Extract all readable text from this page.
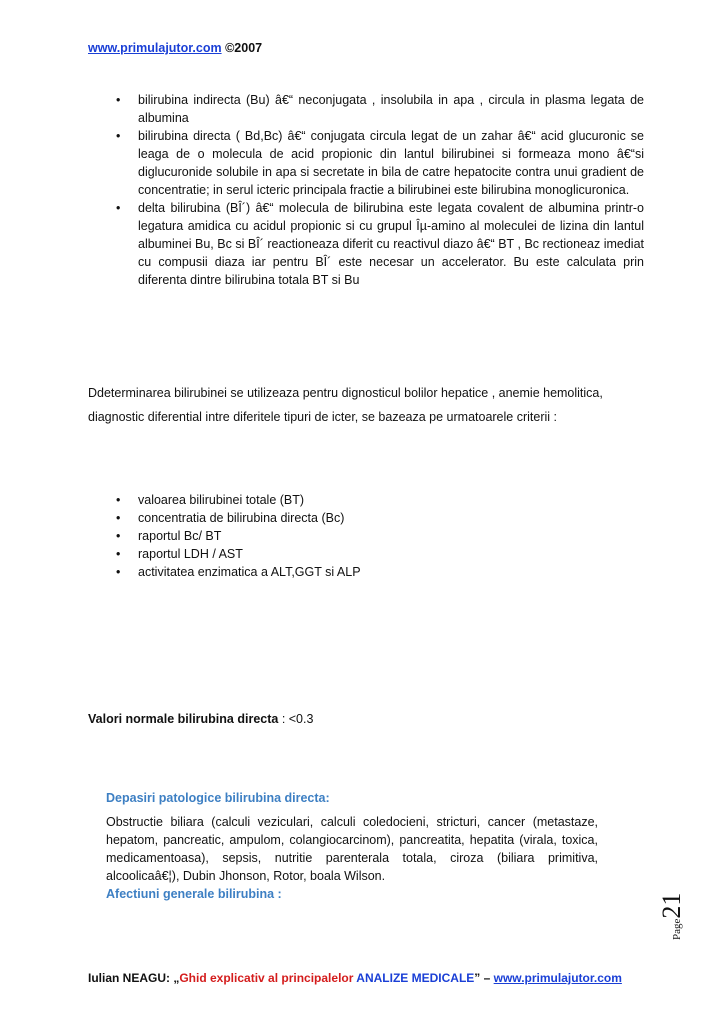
www.primulajutor.com ©2007
• bilirubina indirecta (Bu) â€“ neconjugata , insolubila in apa , circula in plasma legata de albumina
• bilirubina directa ( Bd,Bc) â€“ conjugata circula legat de un zahar â€“ acid glucuronic se leaga de o molecula de acid propionic din lantul bilirubinei si formeaza mono â€“si diglucuronide solubile in apa si secretate in bila de catre hepatocite contra unui gradient de concentratie; in serul icteric principala fractie a bilirubinei este bilirubina monoglicuronica.
• delta bilirubina (BÎ´) â€“ molecula de bilirubina este legata covalent de albumina printr-o legatura amidica cu acidul propionic si cu grupul Îµ-amino al moleculei de lizina din lantul albuminei Bu, Bc si BÎ´ reactioneaza diferit cu reactivul diazo â€“ BT , Bc rectioneaz imediat cu compusii diaza iar pentru BÎ´ este necesar un accelerator. Bu este calculata prin diferenta dintre bilirubina totala BT si Bu
Ddeterminarea bilirubinei se utilizeaza pentru dignosticul bolilor hepatice , anemie hemolitica, diagnostic diferential intre diferitele tipuri de icter, se bazeaza pe urmatoarele criterii :
• valoarea bilirubinei totale (BT)
• concentratia de bilirubina directa (Bc)
• raportul Bc/ BT
• raportul LDH / AST
• activitatea enzimatica a ALT,GGT si ALP
Valori normale bilirubina directa : <0.3
Depasiri patologice bilirubina directa:
Obstructie biliara (calculi veziculari, calculi coledocieni, stricturi, cancer (metastaze, hepatom, pancreatic, ampulom, colangiocarcinom), pancreatita, hepatita (virala, toxica, medicamentoasa), sepsis, nutritie parenterala totala, ciroza (biliara primitiva, alcoolicaâ€¦), Dubin Jhonson, Rotor, boala Wilson.
Afectiuni generale bilirubina :
Page21
Iulian NEAGU: „Ghid explicativ al principalelor ANALIZE MEDICALE” – www.primulajutor.com
